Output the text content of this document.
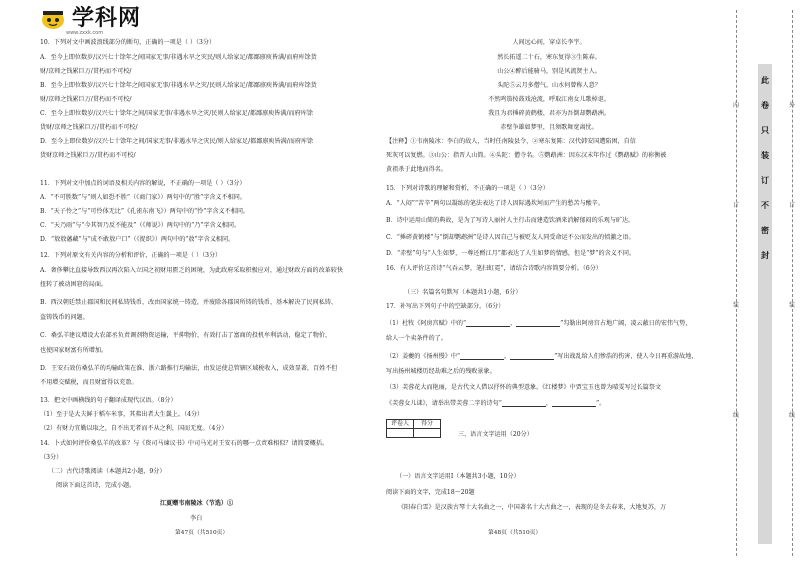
学科网
www.zxxk.com
10．下列对文中画波浪线部分的断句，正确的一项是（ ）（3分）
A．至今上即位数岁/汉兴七十馀年之间国家无事/非遇水旱之灾民/则人给家足/都鄙廪庾皆满/而府库馀货
财/京师之钱累巨万/贯朽而不可校/
B．至今上即位数岁/汉兴七十馀年之间国家无事/非遇水旱之灾/民则人给家足/都鄙廪庾皆满/而府库馀货
财/京师之钱累巨万/贯朽而不可校/
C．至今上即位数岁/汉兴七十馀年之间/国家无事/非遇水旱之灾/民则人给家足/都鄙廪庾皆满/而府库馀
货财/京师之钱累巨万/贯朽而不可校/
D．至今上即位数岁/汉兴七十馀年之间/国家无事/非遇水旱之灾民/则人给家足/都鄙廪庾皆满/而府库馀
货财京师之钱累巨万/贯朽而不可校/
11．下列对文中加点的词语及相关内容的解说，不正确的一项是（ ）（3分）
A．“不可胜数”与“则人如恐不胜”（《商门家》）两句中的“胜”字含义不相同。
B．“天子怜之”与“可怜体无比”《孔雀东南飞》）两句中的“怜”字含义不相同。
C．“天乃雨”与“今其智乃反不能及”（《师说》）两句中的“乃”字含义相同。
D．“敖敖藩藏”与“成不敢敖户口”（《捉织》）两句中的“敖”字含义相同。
12．下列对原文有关内容的分析和评价，正确的一项是（ ）（3分）
A．奢侈攀比直接导致西汉再次陷入立国之初财用匮乏的困境，为此政府采取积极应对，通过财政方面的改革较快
扭转了被动困窘的局面。
B．西汉朝廷禁止郡国和民间私铸钱币，改由国家统一铸造，并废除各郡国所铸的钱币，基本解决了民间私铸、
盗铸钱币的问题。
C．桑弘羊建议增设大农部丞负责调剂物资运输，平抑物价，有效打击了富商的投机牟利活动，稳定了物价，
也使国家财富有所增加。
D．王安石效仿桑弘羊的均输政策在淮、浙六路推行均输法，由发运使总管辖区域税收入，成效显著，百姓不但
不用增交赋税，而且财富得以充盈。
13．把文中画横线的句子翻译成现代汉语。（8分）
（1）至于是大夫鲜于稻车米事，其弗出者大生曩上。（4分）
（2）有财力宜勤以取之，自不出无者而不从之利，国而无度。（4分）
14．卜式如何评价桑弘羊的改革？与《资司马谏议书》中司马光对王安石的哪一点责难相似？请简要概括。
（3分）
（二）古代诗歌阅读（本题共2小题，9分）
阅读下面这首诗，完成小题。
江夏赠韦南陵冰（节选）①
李白
第47页（共510页）
人间远心间，穿卓长李宇。
然长拓遥二十石，寒东复得③生陈春。
山公④醉后能骑马，别是风流贤主人。
头陀⑤云月多僧气，山水何曾称人意？
不然鸣笳按鼓戏沧流，呼取江南女儿歌棹讴。
我且为君捶碎黄鹤楼，君亦为吾倒却鹦鹉洲。
赤壁争雄如梦里，且须歌舞宽离忧。
【注释】①韦南陵冰：李白的故人，当时任南陵县令，②寒东复陈：汉代韩安国遭陷困，自信
死灰可以复燃。③山公：指晋人山简。④头陀：僧寺名。⑤鹦鹉洲：因东汉末年作过《鹦鹉赋》的祢衡被
黄祖杀于此地而得名。
15．下列对诗歌的理解和赏析，不正确的一项是（ ）（3分）
A．“人闷”“苦辛”两句以凝练的笔法表达了诗人因际遇坎坷而产生的愁苦与酸辛。
B．诗中运用山简的典故，是为了写诗人丽衬人主行击而建造饮酒来消解郁闷的乐观与旷达。
C．“捶碎黄鹤楼”与“倒却鹦鹉洲”是诗人因自己与被贬友人同受命运不公而发出的愤激之语。
D．“赤壁”句与“人生如梦，一尊还酹江月”都表达了人生如梦的情感，但是“梦”的含义不同。
16．有人评价这首诗“气吞云梦，笔扫虹霓”，请结合诗歌内容简要分析。（6分）
（三）名篇名句默写（本题共1小题，6分）
17．补写出下列句子中的空缺部分。（6分）
（1）杜牧《阿房宫赋》中的“	，	”勾勒出阿房宫占地广阔，凌云蔽日的宏伟气势，
给人一个卖条件的了。
（2）姜夔的《扬州慢》中“	，	”写出战乱给人们惨浩的伤害，使人今日再重游故地，
写出扬州城楼历经劫难之后的残败景象。
（3）芙蓉花大而艳丽，是古代文人借以抒怀的典型意象。《红楼梦》中贾宝玉也曾为晴雯写过长篇祭文
《芙蓉女儿诔》，请举出带芙蓉二字的诗句“	，	”。
评卷人	得分

三、语言文字运用（20分）
（一）语言文字运用Ⅰ（本题共3小题，10分）
阅读下面的文字，完成18～20题
《阳春白雪》是汉族古琴十大名曲之一，中国著名十大古曲之一，表现的是冬去春来，大地复苏，万
第48页（共510页）
内
订
装
线
外
订
装
线
此
卷
只
装
订
不
密
封
